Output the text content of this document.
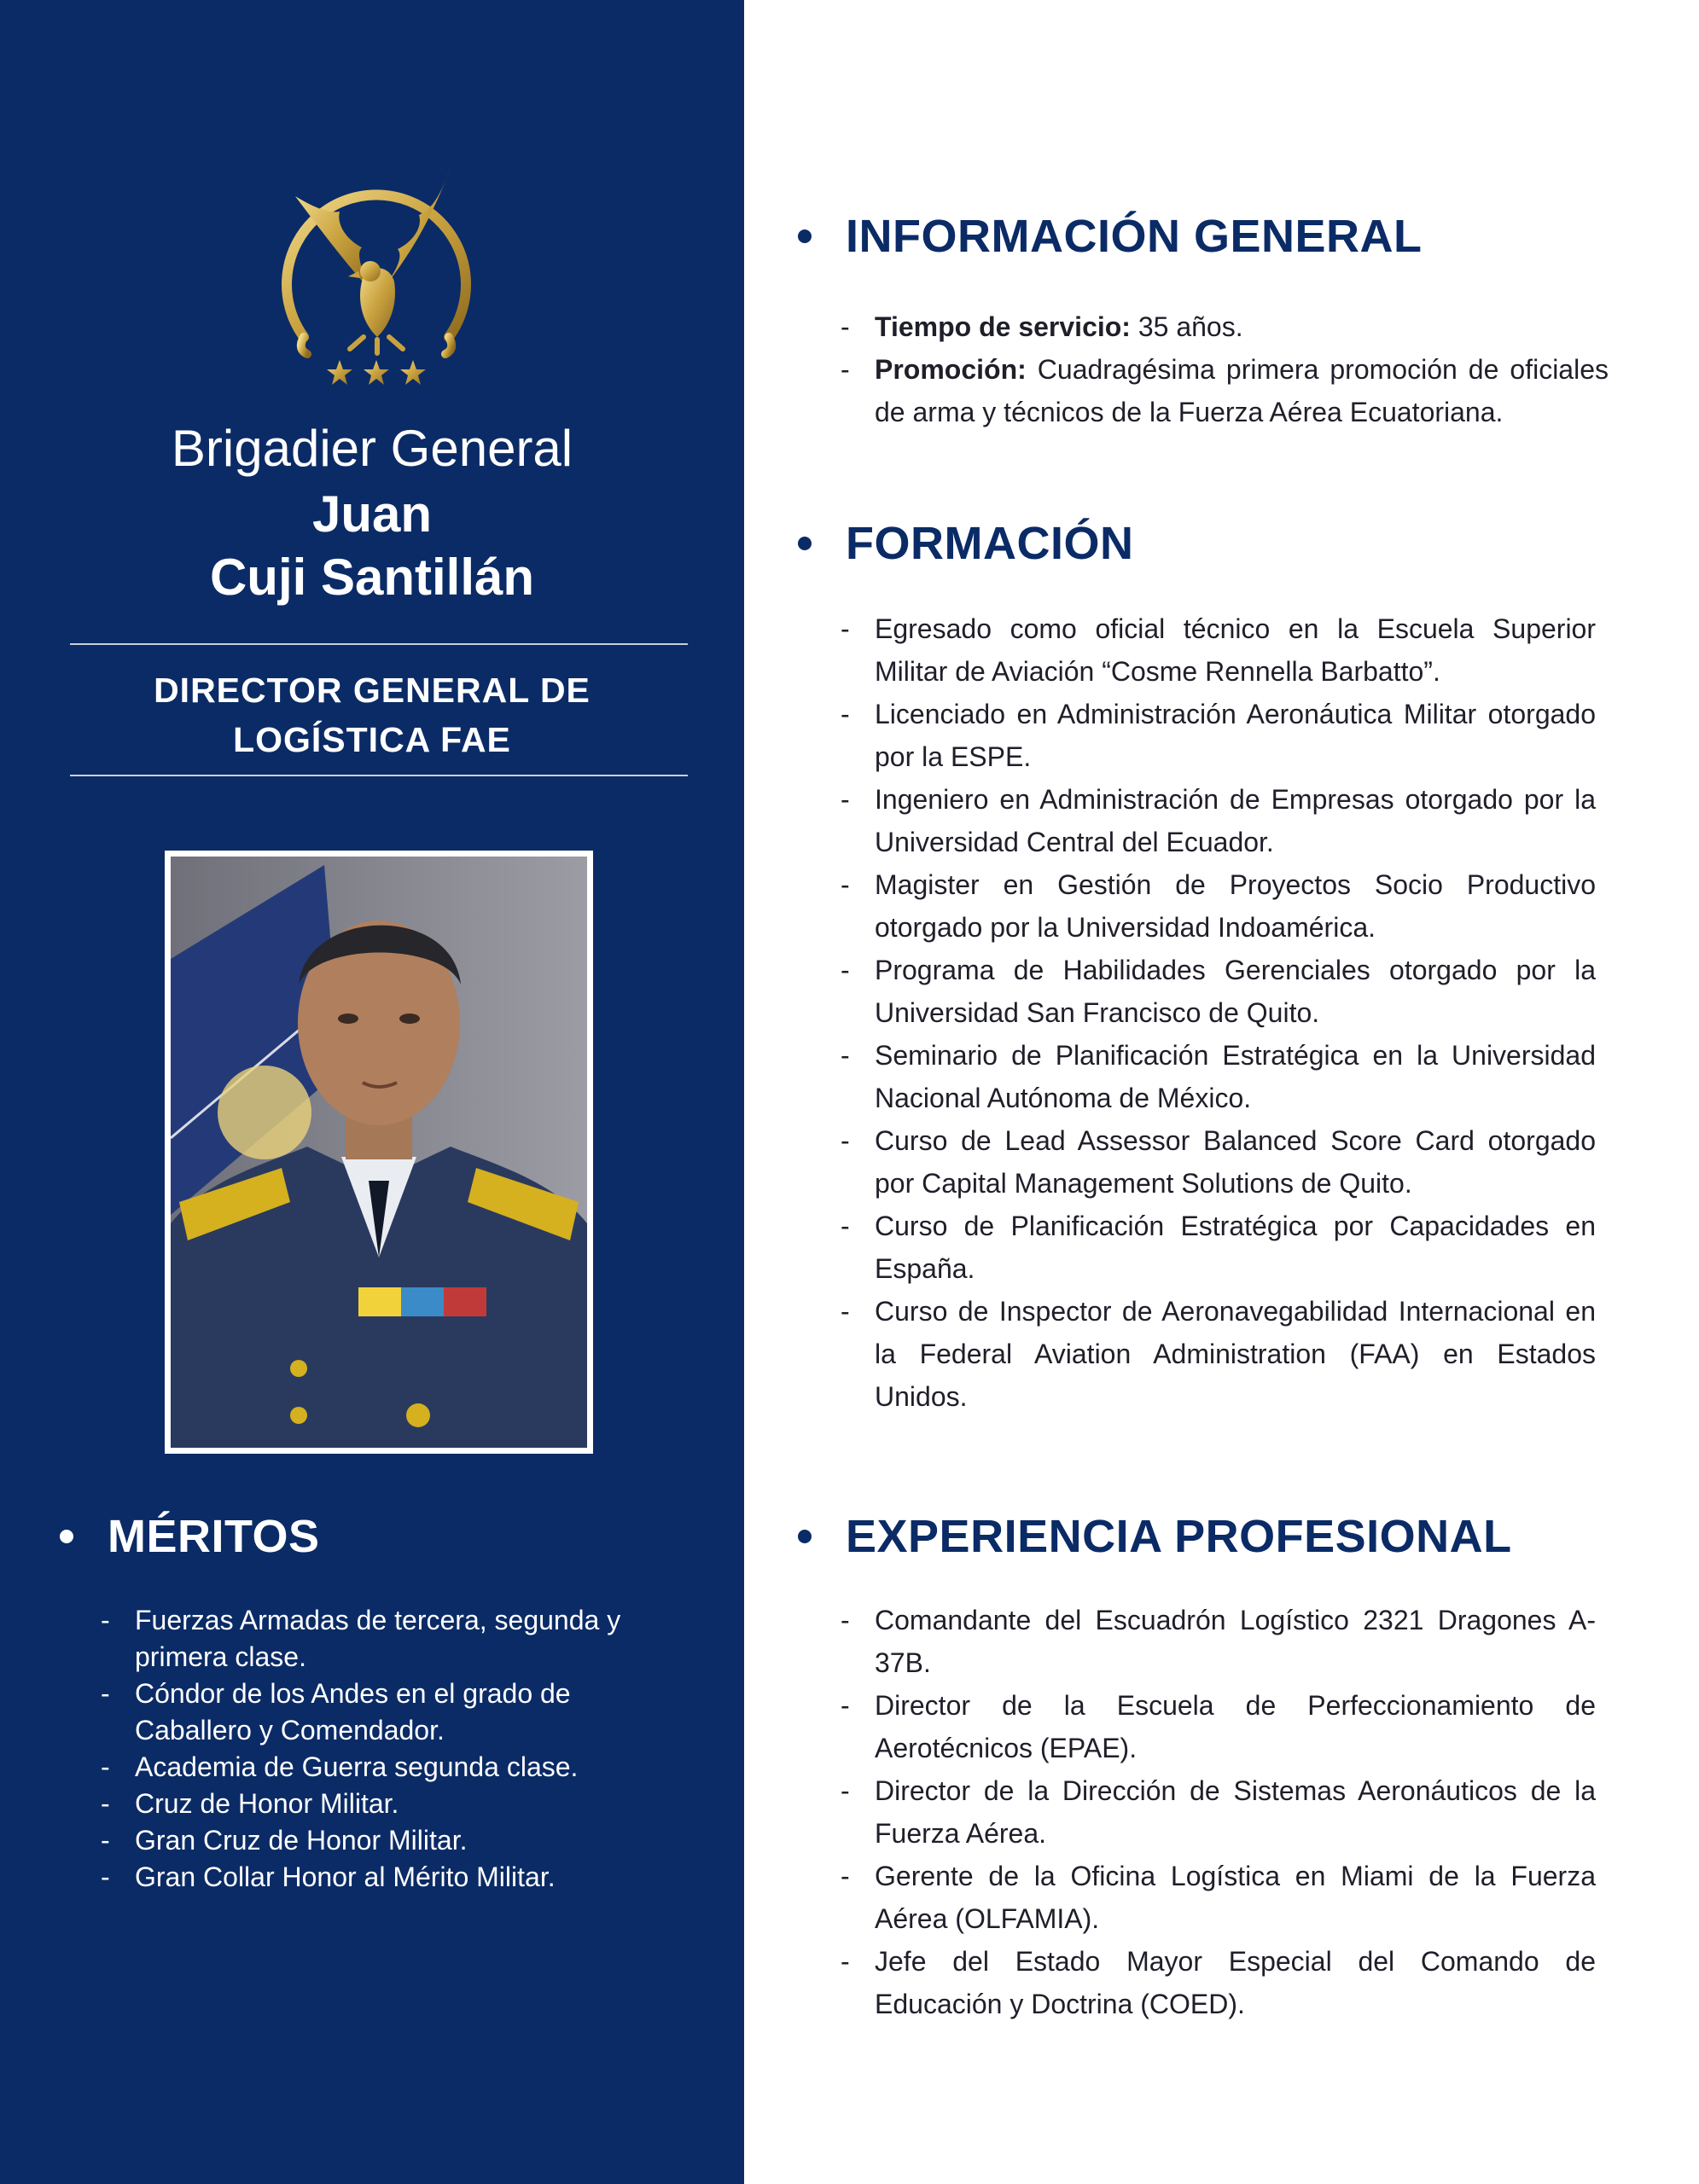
Brigadier General
Juan
Cuji Santillán
DIRECTOR GENERAL DE
LOGÍSTICA FAE
MÉRITOS
- Fuerzas Armadas de tercera, segunda y primera clase.
- Cóndor de los Andes en el grado de Caballero y Comendador.
- Academia de Guerra segunda clase.
- Cruz de Honor Militar.
- Gran Cruz de Honor Militar.
- Gran Collar Honor al Mérito Militar.
INFORMACIÓN GENERAL
- Tiempo de servicio: 35 años.
- Promoción: Cuadragésima primera promoción de oficiales de arma y técnicos de la Fuerza Aérea Ecuatoriana.
FORMACIÓN
- Egresado como oficial técnico en la Escuela Superior Militar de Aviación “Cosme Rennella Barbatto”.
- Licenciado en Administración Aeronáutica Militar otorgado por la ESPE.
- Ingeniero en Administración de Empresas otorgado por la Universidad Central del Ecuador.
- Magister en Gestión de Proyectos Socio Productivo otorgado por la Universidad Indoamérica.
- Programa de Habilidades Gerenciales otorgado por la Universidad San Francisco de Quito.
- Seminario de Planificación Estratégica en la Universidad Nacional Autónoma de México.
- Curso de Lead Assessor Balanced Score Card otorgado por Capital Management Solutions de Quito.
- Curso de Planificación Estratégica por Capacidades en España.
- Curso de Inspector de Aeronavegabilidad Internacional en la Federal Aviation Administration (FAA) en Estados Unidos.
EXPERIENCIA PROFESIONAL
- Comandante del Escuadrón Logístico 2321 Dragones A-37B.
- Director de la Escuela de Perfeccionamiento de Aerotécnicos (EPAE).
- Director de la Dirección de Sistemas Aeronáuticos de la Fuerza Aérea.
- Gerente de la Oficina Logística en Miami de la Fuerza Aérea (OLFAMIA).
- Jefe del Estado Mayor Especial del Comando de Educación y Doctrina (COED).
